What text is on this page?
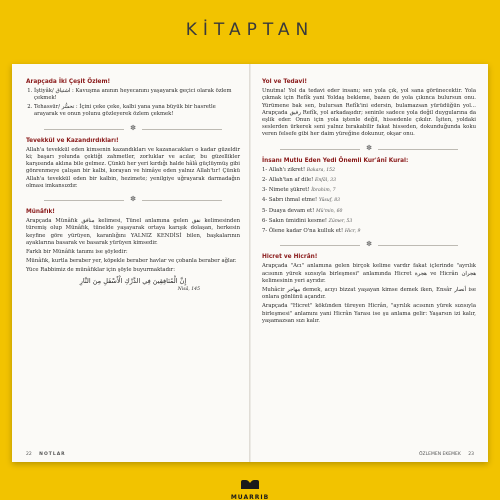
KİTAPTAN
Arapçada İki Çeşit Özlem!
1. İştiyâk/ اشتياق : Kavuşma anının heyecanını yaşayarak geçici olarak özlem çekmek!
2. Tehassür/ تحسُّر : İçini çeke çeke, kalbi yana yana büyük bir hasretle arayarak ve onun yolunu gözleyerek özlem çekmek!
✽
Tevekkül ve Kazandırdıkları!

Allah'a tevekkül eden kimsenin kazandıkları ve kazanacakları o kadar güzeldir ki; başarı yolunda çektiği zahmetler, zorluklar ve acılar, bu güzellikler karşısında aklına bile gelmez. Çünkü her yeri kırdığı halde hâlâ güçlüymüş gibi gönrenmeye çalışan bir kalbi, korayan ve himâye eden yalnız Allah'tır! Çünkü Allah'a tevekkül eden bir kalbin, hezimete; yenilgiye uğrayarak darmadağın olması imkansızdır.

✽
Münâfık!

Arapçada Münâfık منافق kelimesi, Tünel anlamına gelen نفق kelimesinden türemiş olup Münâfık, tünelde yaşayarak ortaya karışık dolaşan, herkesin keyfine göre yürüyen, karanlığını YALNIZ KENDİSİ bilen, başkalarının ayaklarına basarak ve basarak yürüyen kimsedir.

Farklı bir Münâfık tanımı ise şöyledir:

Münâfık, kurtla beraber yer, köpekle beraber havlar ve çobanla beraber ağlar.

Yüce Rabbimiz de münâfıklar için şöyle buyurmaktadır:

إِنَّ الْمُنَافِقِينَ فِي الدَّرْكِ الْأَسْفَلِ مِنَ النَّارِ
Nisâ, 145
22 NOTLAR
Yol ve Tedavi!

Unutma! Yol da tedavi eder insanı; sen yola çık, yol sana görünecektir. Yola çıkmak için Refîk yani Yoldaş bekleme, bazen de yola çıkınca bulursun onu. Yürümene bak sen, bulursan Refîk'ini edersin, bulamazsan yürüdüğün yol... Arapçada رفيق Refîk, yol arkadaşıdır; seninle sadece yola değil duygularına da eşlik eder. Onun için yola iştenle değil, hissedenle çıkılır. İşiten, yoldaki seslerden ürkerek seni yalnız bırakabilir fakat hisseden, dokunduğunda koku veren felsefe gibi her daim yüreğine dokunur, okşar onu.

✽
İnsanı Mutlu Eden Yedi Önemli Kur'ânî Kural:
1- Allah'ı zikret! Bakara, 152
2- Allah'tan af dile! Enfâl, 33
3- Nimete şükret! İbrahim, 7
4- Sabrı ihmal etme! Yûsuf, 83
5- Duaya devam et! Mü'min, 60
6- Sakın ümidini kesme! Zümer, 53
7- Ölene kadar O'na kulluk et! Hicr, 9
✽
Hicret ve Hicrân!

Arapçada "Acı" anlamına gelen birçok kelime vardır fakat içlerinde "ayrılık acısının yürek sızısıyla birleşmesi" anlamında Hicret هجرة ve Hicrân هجران kelimesinin yeri ayrıdır.

Muhâcir مهاجر demek, acıyı bizzat yaşayan kimse demek iken, Ensâr أنصار ise onlara gönlünü açandır.

Arapçada "Hicret" kökünden türeyen Hicrân, "ayrılık acısının yürek sızısıyla birleşmesi" anlamını yani Hicrân Yarası ise şu anlama gelir: Yaşarsın izi kalır, yaşamazsan sızı kalır.

ÖZLEMEN EKEMEK 23
MUARRIB
